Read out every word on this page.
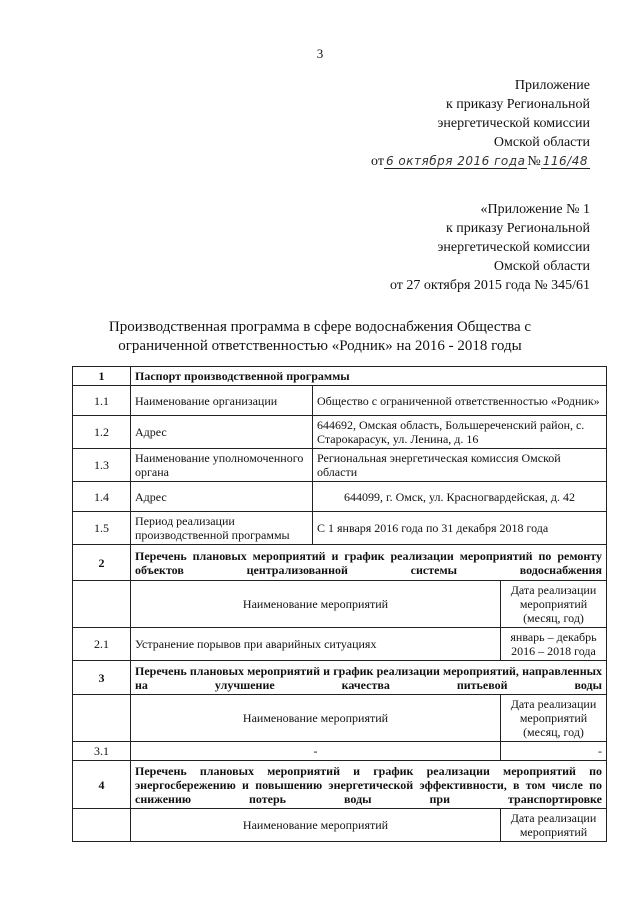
3
Приложение
к приказу Региональной
энергетической комиссии
Омской области
от 6 октября 2016 года № 116/48
«Приложение № 1
к приказу Региональной
энергетической комиссии
Омской области
от 27 октября 2015 года № 345/61
Производственная программа в сфере водоснабжения Общества с
ограниченной ответственностью «Родник» на 2016 - 2018 годы
1	Паспорт производственной программы		
1.1	Наименование организации	Общество с ограниченной ответственностью «Родник»	
1.2	Адрес	644692, Омская область, Большереченский район, с. Старокарасук, ул. Ленина, д. 16	
1.3	Наименование уполномоченного органа	Региональная энергетическая комиссия Омской области	
1.4	Адрес	644099, г. Омск, ул. Красногвардейская, д. 42	
1.5	Период реализации производственной программы	С 1 января 2016 года по 31 декабря 2018 года	
2	Перечень плановых мероприятий и график реализации мероприятий по ремонту объектов централизованной системы водоснабжения		
	Наименование мероприятий		Дата реализации мероприятий (месяц, год)
2.1	Устранение порывов при аварийных ситуациях		январь – декабрь 2016 – 2018 года
3	Перечень плановых мероприятий и график реализации мероприятий, направленных на улучшение качества питьевой воды		
	Наименование мероприятий		Дата реализации мероприятий (месяц, год)
3.1	-		-
4	Перечень плановых мероприятий и график реализации мероприятий по энергосбережению и повышению энергетической эффективности, в том числе по снижению потерь воды при транспортировке		
	Наименование мероприятий		Дата реализации мероприятий
